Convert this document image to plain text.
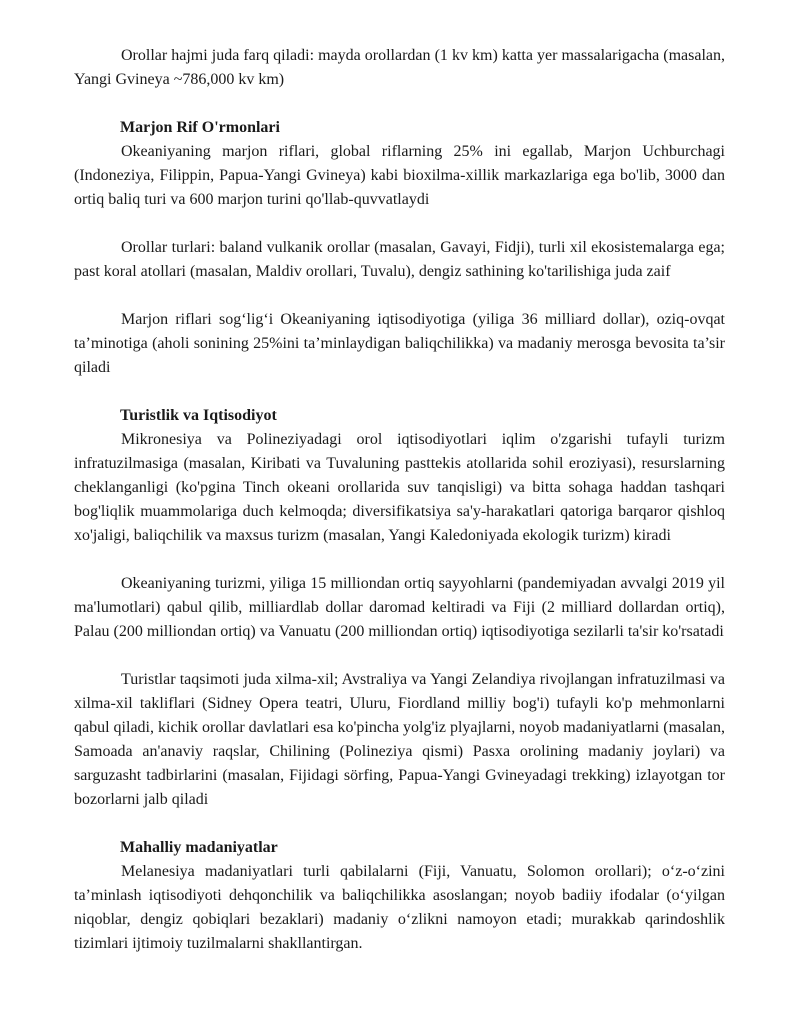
Orollar hajmi juda farq qiladi: mayda orollardan (1 kv km) katta yer massalarigacha (masalan, Yangi Gvineya ~786,000 kv km)

Marjon Rif O'rmonlari

Okeaniyaning marjon riflari, global riflarning 25% ini egallab, Marjon Uchburchagi (Indoneziya, Filippin, Papua-Yangi Gvineya) kabi bioxilma-xillik markazlariga ega bo'lib, 3000 dan ortiq baliq turi va 600 marjon turini qo'llab-quvvatlaydi

Orollar turlari: baland vulkanik orollar (masalan, Gavayi, Fidji), turli xil ekosistemalarga ega; past koral atollari (masalan, Maldiv orollari, Tuvalu), dengiz sathining ko'tarilishiga juda zaif

Marjon riflari sog‘lig‘i Okeaniyaning iqtisodiyotiga (yiliga 36 milliard dollar), oziq-ovqat ta’minotiga (aholi sonining 25%ini ta’minlaydigan baliqchilikka) va madaniy merosga bevosita ta’sir qiladi

Turistlik va Iqtisodiyot

Mikronesiya va Polineziyadagi orol iqtisodiyotlari iqlim o'zgarishi tufayli turizm infratuzilmasiga (masalan, Kiribati va Tuvaluning pasttekis atollarida sohil eroziyasi), resurslarning cheklanganligi (ko'pgina Tinch okeani orollarida suv tanqisligi) va bitta sohaga haddan tashqari bog'liqlik muammolariga duch kelmoqda; diversifikatsiya sa'y-harakatlari qatoriga barqaror qishloq xo'jaligi, baliqchilik va maxsus turizm (masalan, Yangi Kaledoniyada ekologik turizm) kiradi

Okeaniyaning turizmi, yiliga 15 milliondan ortiq sayyohlarni (pandemiyadan avvalgi 2019 yil ma'lumotlari) qabul qilib, milliardlab dollar daromad keltiradi va Fiji (2 milliard dollardan ortiq), Palau (200 milliondan ortiq) va Vanuatu (200 milliondan ortiq) iqtisodiyotiga sezilarli ta'sir ko'rsatadi

Turistlar taqsimoti juda xilma-xil; Avstraliya va Yangi Zelandiya rivojlangan infratuzilmasi va xilma-xil takliflari (Sidney Opera teatri, Uluru, Fiordland milliy bog'i) tufayli ko'p mehmonlarni qabul qiladi, kichik orollar davlatlari esa ko'pincha yolg'iz plyajlarni, noyob madaniyatlarni (masalan, Samoada an'anaviy raqslar, Chilining (Polineziya qismi) Pasxa orolining madaniy joylari) va sarguzasht tadbirlarini (masalan, Fijidagi sörfing, Papua-Yangi Gvineyadagi trekking) izlayotgan tor bozorlarni jalb qiladi

Mahalliy madaniyatlar

Melanesiya madaniyatlari turli qabilalarni (Fiji, Vanuatu, Solomon orollari); o‘z-o‘zini ta’minlash iqtisodiyoti dehqonchilik va baliqchilikka asoslangan; noyob badiiy ifodalar (o‘yilgan niqoblar, dengiz qobiqlari bezaklari) madaniy o‘zlikni namoyon etadi; murakkab qarindoshlik tizimlari ijtimoiy tuzilmalarni shakllantirgan.
